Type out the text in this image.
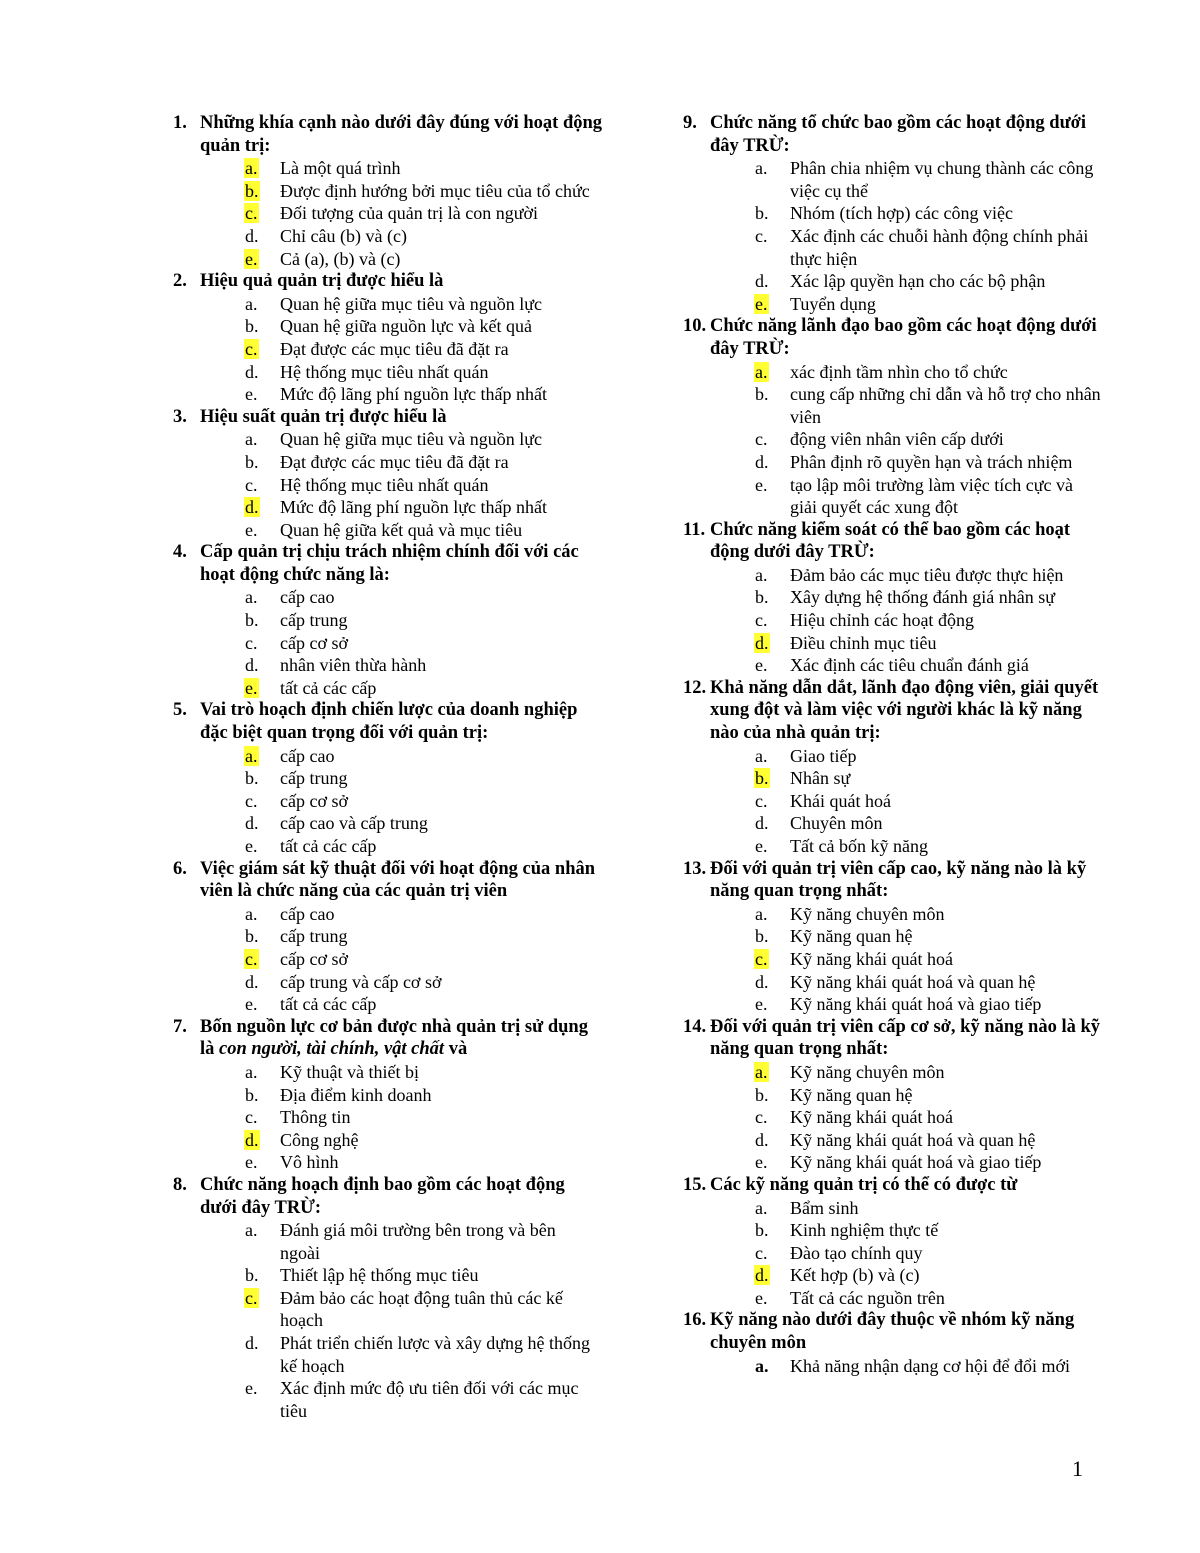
1. Những khía cạnh nào dưới đây đúng với hoạt động quản trị:
a.	Là một quá trình
b.	Được định hướng bởi mục tiêu của tổ chức
c.	Đối tượng của quản trị là con người
d.	Chỉ câu (b) và (c)
e.	Cả (a), (b) và (c)
2. Hiệu quả quản trị được hiểu là
a.	Quan hệ giữa mục tiêu và nguồn lực
b.	Quan hệ giữa nguồn lực và kết quả
c.	Đạt được các mục tiêu đã đặt ra
d.	Hệ thống mục tiêu nhất quán
e.	Mức độ lãng phí nguồn lực thấp nhất
3. Hiệu suất quản trị được hiểu là
a.	Quan hệ giữa mục tiêu và nguồn lực
b.	Đạt được các mục tiêu đã đặt ra
c.	Hệ thống mục tiêu nhất quán
d.	Mức độ lãng phí nguồn lực thấp nhất
e.	Quan hệ giữa kết quả và mục tiêu
4. Cấp quản trị chịu trách nhiệm chính đối với các hoạt động chức năng là:
a.	cấp cao
b.	cấp trung
c.	cấp cơ sở
d.	nhân viên thừa hành
e.	tất cả các cấp
5. Vai trò hoạch định chiến lược của doanh nghiệp đặc biệt quan trọng đối với quản trị:
a.	cấp cao
b.	cấp trung
c.	cấp cơ sở
d.	cấp cao và cấp trung
e.	tất cả các cấp
6. Việc giám sát kỹ thuật đối với hoạt động của nhân viên là chức năng của các quản trị viên
a.	cấp cao
b.	cấp trung
c.	cấp cơ sở
d.	cấp trung và cấp cơ sở
e.	tất cả các cấp
7. Bốn nguồn lực cơ bản được nhà quản trị sử dụng là con người, tài chính, vật chất và
a.	Kỹ thuật và thiết bị
b.	Địa điểm kinh doanh
c.	Thông tin
d.	Công nghệ
e.	Vô hình
8. Chức năng hoạch định bao gồm các hoạt động dưới đây TRỪ:
a.	Đánh giá môi trường bên trong và bên ngoài
b.	Thiết lập hệ thống mục tiêu
c.	Đảm bảo các hoạt động tuân thủ các kế hoạch
d.	Phát triển chiến lược và xây dựng hệ thống kế hoạch
e.	Xác định mức độ ưu tiên đối với các mục tiêu
9. Chức năng tổ chức bao gồm các hoạt động dưới đây TRỪ:
a.	Phân chia nhiệm vụ chung thành các công việc cụ thể
b.	Nhóm (tích hợp) các công việc
c.	Xác định các chuỗi hành động chính phải thực hiện
d.	Xác lập quyền hạn cho các bộ phận
e.	Tuyển dụng
10. Chức năng lãnh đạo bao gồm các hoạt động dưới đây TRỪ:
a.	xác định tầm nhìn cho tổ chức
b.	cung cấp những chỉ dẫn và hỗ trợ cho nhân viên
c.	động viên nhân viên cấp dưới
d.	Phân định rõ quyền hạn và trách nhiệm
e.	tạo lập môi trường làm việc tích cực và giải quyết các xung đột
11. Chức năng kiểm soát có thể bao gồm các hoạt động dưới đây TRỪ:
a.	Đảm bảo các mục tiêu được thực hiện
b.	Xây dựng hệ thống đánh giá nhân sự
c.	Hiệu chỉnh các hoạt động
d.	Điều chỉnh mục tiêu
e.	Xác định các tiêu chuẩn đánh giá
12. Khả năng dẫn dắt, lãnh đạo động viên, giải quyết xung đột và làm việc với người khác là kỹ năng nào của nhà quản trị:
a.	Giao tiếp
b.	Nhân sự
c.	Khái quát hoá
d.	Chuyên môn
e.	Tất cả bốn kỹ năng
13. Đối với quản trị viên cấp cao, kỹ năng nào là kỹ năng quan trọng nhất:
a.	Kỹ năng chuyên môn
b.	Kỹ năng quan hệ
c.	Kỹ năng khái quát hoá
d.	Kỹ năng khái quát hoá và quan hệ
e.	Kỹ năng khái quát hoá và giao tiếp
14. Đối với quản trị viên cấp cơ sở, kỹ năng nào là kỹ năng quan trọng nhất:
a.	Kỹ năng chuyên môn
b.	Kỹ năng quan hệ
c.	Kỹ năng khái quát hoá
d.	Kỹ năng khái quát hoá và quan hệ
e.	Kỹ năng khái quát hoá và giao tiếp
15. Các kỹ năng quản trị có thể có được từ
a.	Bẩm sinh
b.	Kinh nghiệm thực tế
c.	Đào tạo chính quy
d.	Kết hợp (b) và (c)
e.	Tất cả các nguồn trên
16. Kỹ năng nào dưới đây thuộc về nhóm kỹ năng chuyên môn
a.	Khả năng nhận dạng cơ hội để đổi mới
1
